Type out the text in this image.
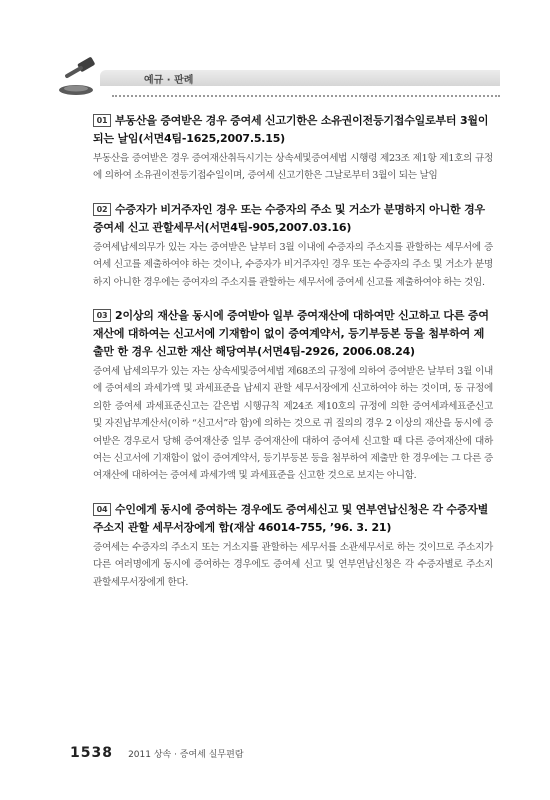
예규 · 판례

01 부동산을 증여받은 경우 증여세 신고기한은 소유권이전등기접수일로부터 3월이 되는 날임(서면4팀-1625,2007.5.15)

부동산을 증여받은 경우 증여재산취득시기는 상속세및증여세법 시행령 제23조 제1항 제1호의 규정에 의하여 소유권이전등기접수일이며, 증여세 신고기한은 그날로부터 3월이 되는 날임

02 수증자가 비거주자인 경우 또는 수증자의 주소 및 거소가 분명하지 아니한 경우 증여세 신고 관할세무서(서면4팀-905,2007.03.16)

증여세납세의무가 있는 자는 증여받은 날부터 3월 이내에 수증자의 주소지를 관할하는 세무서에 증여세 신고를 제출하여야 하는 것이나, 수증자가 비거주자인 경우 또는 수증자의 주소 및 거소가 분명하지 아니한 경우에는 증여자의 주소지를 관할하는 세무서에 증여세 신고를 제출하여야 하는 것임.

03 2이상의 재산을 동시에 증여받아 일부 증여재산에 대하여만 신고하고 다른 증여재산에 대하여는 신고서에 기재함이 없이 증여계약서, 등기부등본 등을 첨부하여 제출만 한 경우 신고한 재산 해당여부(서면4팀-2926, 2006.08.24)

증여세 납세의무가 있는 자는 상속세및증여세법 제68조의 규정에 의하여 증여받은 날부터 3월 이내에 증여세의 과세가액 및 과세표준을 납세지 관할 세무서장에게 신고하여야 하는 것이며, 동 규정에 의한 증여세 과세표준신고는 같은법 시행규칙 제24조 제10호의 규정에 의한 증여세과세표준신고 및 자진납부계산서(이하 “신고서”라 함)에 의하는 것으로 귀 질의의 경우 2 이상의 재산을 동시에 증여받은 경우로서 당해 증여재산중 일부 증여재산에 대하여 증여세 신고할 때 다른 증여재산에 대하여는 신고서에 기재함이 없이 증여계약서, 등기부등본 등을 첨부하여 제출만 한 경우에는 그 다른 증여재산에 대하여는 증여세 과세가액 및 과세표준을 신고한 것으로 보지는 아니함.

04 수인에게 동시에 증여하는 경우에도 증여세신고 및 연부연납신청은 각 수증자별 주소지 관할 세무서장에게 함(재삼 46014-755, ’96. 3. 21)

증여세는 수증자의 주소지 또는 거소지를 관할하는 세무서를 소관세무서로 하는 것이므로 주소지가 다른 여러명에게 동시에 증여하는 경우에도 증여세 신고 및 연부연납신청은 각 수증자별로 주소지 관할세무서장에게 한다.

1538 2011 상속 · 증여세 실무편람
